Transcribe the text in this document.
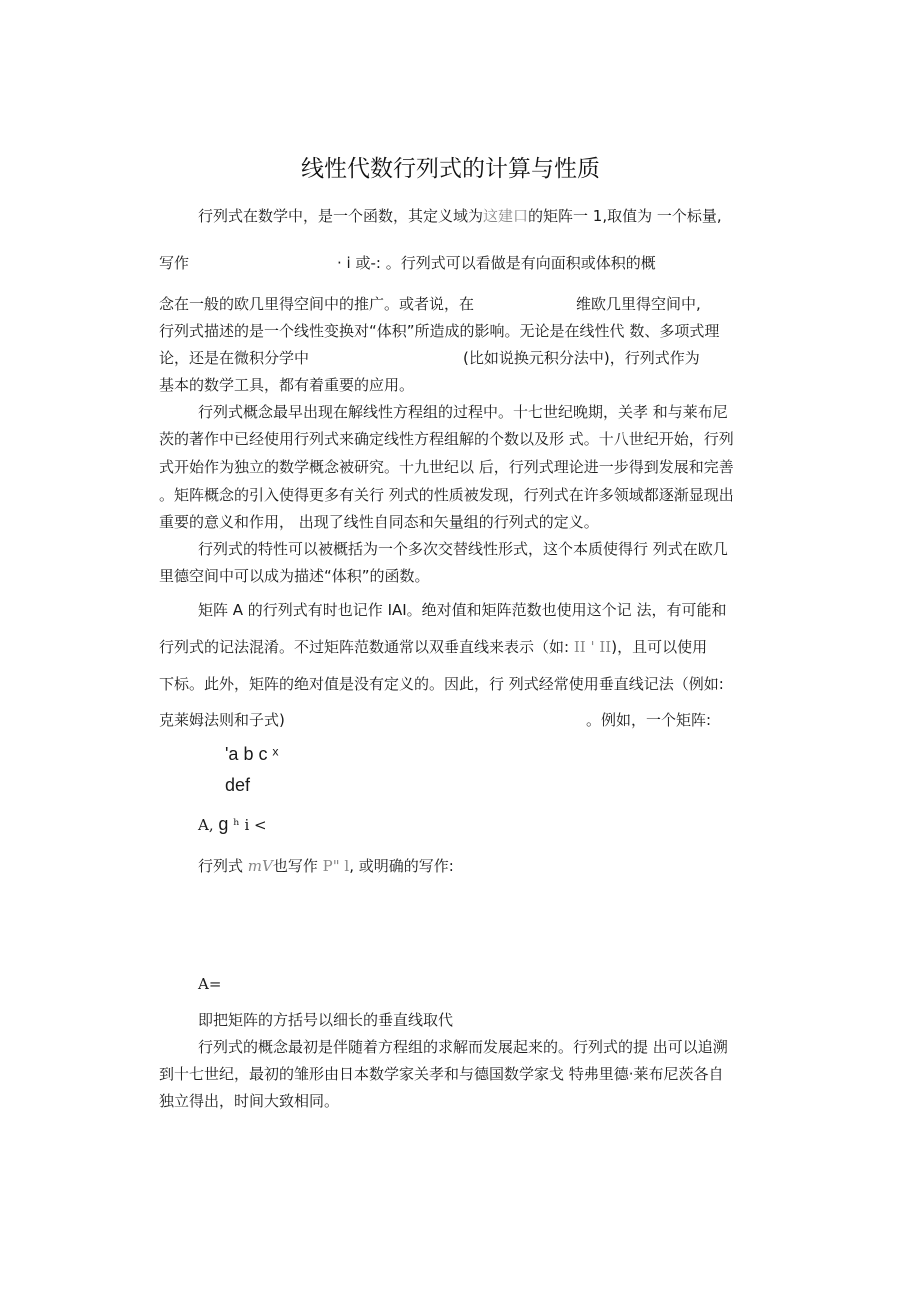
线性代数行列式的计算与性质
行列式在数学中，是一个函数，其定义域为这建口的矩阵一 1,取值为 一个标量,
写作	· i 或-: 。行列式可以看做是有向面积或体积的概
念在一般的欧几里得空间中的推广。或者说，在	维欧几里得空间中,
行列式描述的是一个线性变换对“体积”所造成的影响。无论是在线性代 数、多项式理
论，还是在微积分学中	(比如说换元积分法中)，行列式作为
基本的数学工具，都有着重要的应用。
行列式概念最早出现在解线性方程组的过程中。十七世纪晚期，关孝 和与莱布尼
茨的著作中已经使用行列式来确定线性方程组解的个数以及形 式。十八世纪开始，行列
式开始作为独立的数学概念被研究。十九世纪以 后，行列式理论进一步得到发展和完善
。矩阵概念的引入使得更多有关行 列式的性质被发现，行列式在许多领域都逐渐显现出
重要的意义和作用， 出现了线性自同态和矢量组的行列式的定义。
行列式的特性可以被概括为一个多次交替线性形式，这个本质使得行 列式在欧几
里德空间中可以成为描述“体积”的函数。
矩阵 A 的行列式有时也记作 IAI。绝对值和矩阵范数也使用这个记 法，有可能和
行列式的记法混淆。不过矩阵范数通常以双垂直线来表示（如: II ' II)，且可以使用
下标。此外，矩阵的绝对值是没有定义的。因此，行 列式经常使用垂直线记法（例如:
克莱姆法则和子式)	。例如，一个矩阵:
'a b c ˣ
def
A, g ʰ i <
行列式 mV也写作 P" l, 或明确的写作:
A=
即把矩阵的方括号以细长的垂直线取代
行列式的概念最初是伴随着方程组的求解而发展起来的。行列式的提 出可以追溯
到十七世纪，最初的雏形由日本数学家关孝和与德国数学家戈 特弗里德·莱布尼茨各自
独立得出，时间大致相同。
